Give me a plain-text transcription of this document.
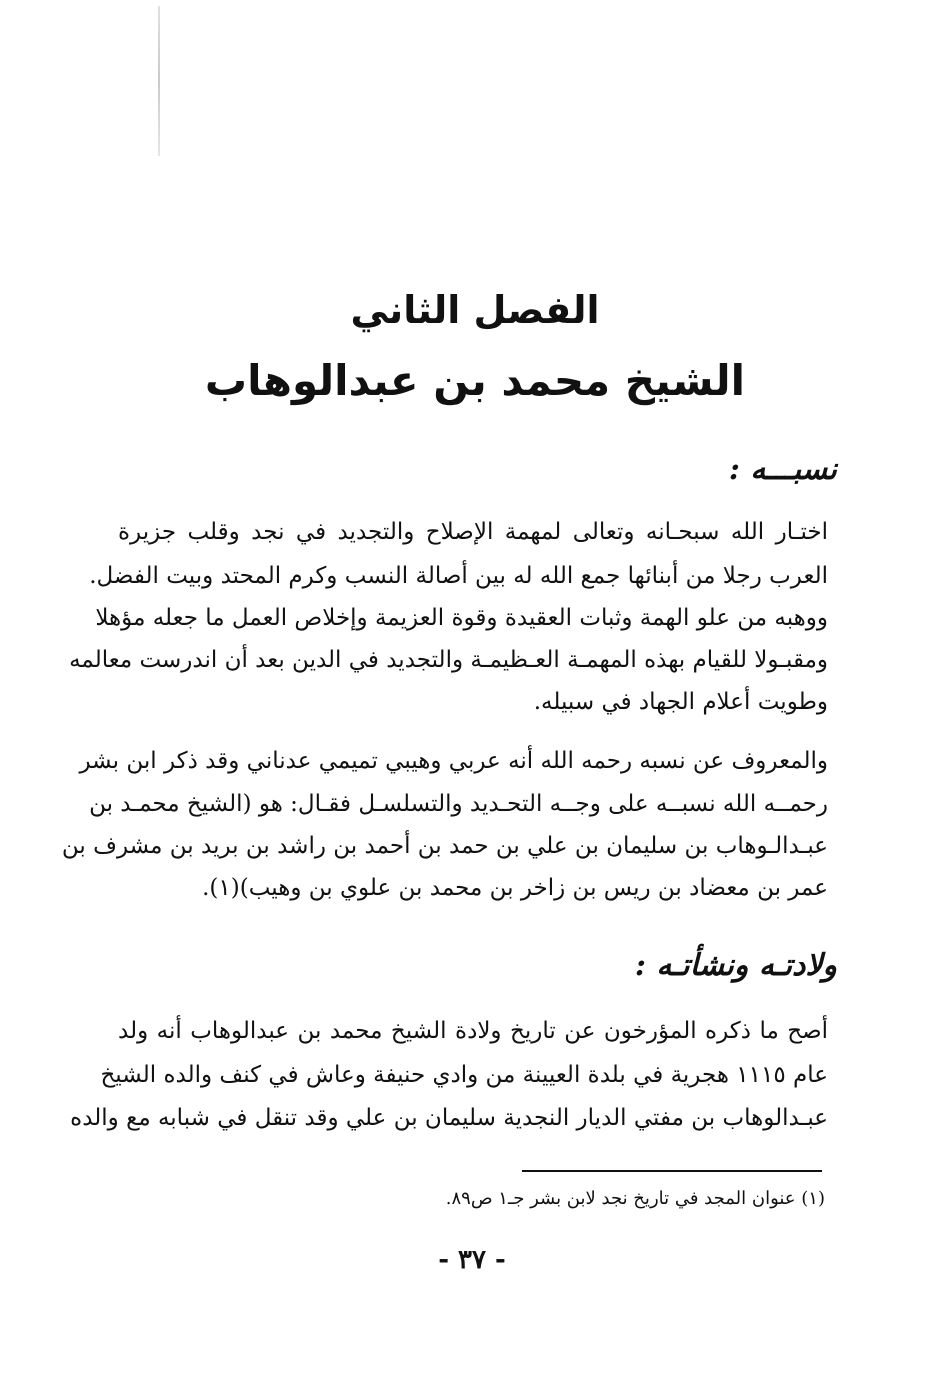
الفصل الثاني
الشيخ محمد بن عبدالوهاب
نسبـــه :
اختـار الله سبحـانه وتعالى لمهمة الإصلاح والتجديد في نجد وقلب جزيرة
العرب رجلا من أبنائها جمع الله له بين أصالة النسب وكرم المحتد وبيت الفضل.
ووهبه من علو الهمة وثبات العقيدة وقوة العزيمة وإخلاص العمل ما جعله مؤهلا
ومقبـولا للقيام بهذه المهمـة العـظيمـة والتجديد في الدين بعد أن اندرست معالمه
وطويت أعلام الجهاد في سبيله.
والمعروف عن نسبه رحمه الله أنه عربي وهيبي تميمي عدناني وقد ذكر ابن بشر
رحمــه الله نسبــه على وجــه التحـديد والتسلسـل فقـال: هو (الشيخ محمـد بن
عبـدالـوهاب بن سليمان بن علي بن حمد بن أحمد بن راشد بن بريد بن مشرف بن
عمر بن معضاد بن ريس بن زاخر بن محمد بن علوي بن وهيب)(١).
ولادتـه ونشأتـه :
أصح ما ذكره المؤرخون عن تاريخ ولادة الشيخ محمد بن عبدالوهاب أنه ولد
عام ١١١٥ هجرية في بلدة العيينة من وادي حنيفة وعاش في كنف والده الشيخ
عبـدالوهاب بن مفتي الديار النجدية سليمان بن علي وقد تنقل في شبابه مع والده
(١) عنوان المجد في تاريخ نجد لابن بشر جـ١ ص٨٩.
- ٣٧ -
